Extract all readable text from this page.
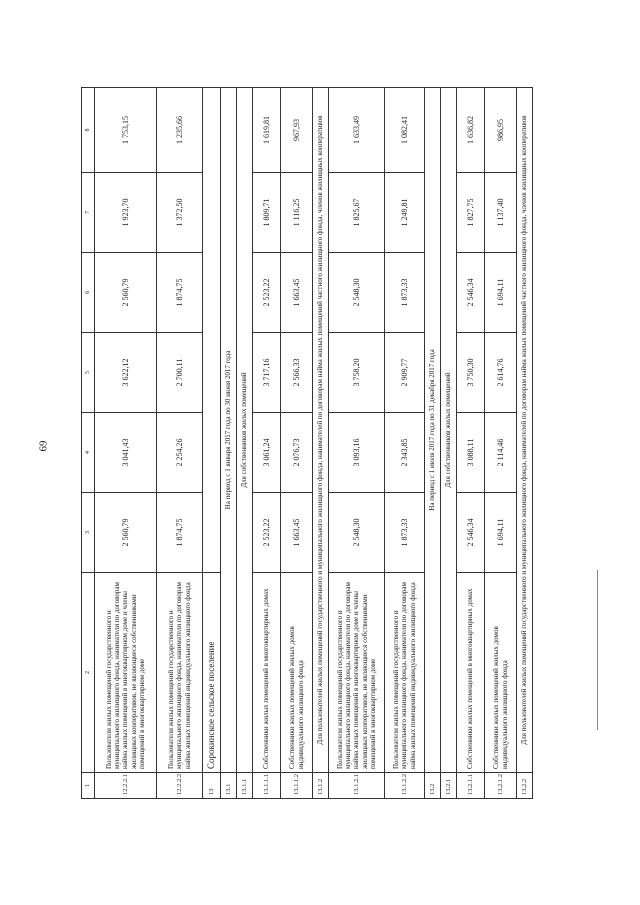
69
1	2	3	4	5	6	7	8
12.2.2.1	Пользователи жилых помещений государственного и муниципального жилищного фонда, наниматели по договорам найма жилых помещений в многоквартирном доме и члены жилищных кооперативов, не являющиеся собственниками помещений в многоквартирном доме	2 560,79	3 041,43	3 622,12	2 560,79	1 923,70	1 753,15
12.2.2.2	Пользователи жилых помещений государственного и муниципального жилищного фонда, наниматели по договорам найма жилых помещений индивидуального жилищного фонда	1 874,75	2 254,26	2 700,11	1 874,75	1 372,50	1 235,66
13	Сорокинское сельское поселение						
13.1	На период с 1 января 2017 года по 30 июня 2017 года						
13.1.1	Для собственников жилых помещений						
13.1.1.1	Собственники жилых помещений в многоквартирных домах	2 523,22	3 061,24	3 717,16	2 523,22	1 809,71	1 619,81
13.1.1.2	Собственники жилых помещений жилых домов индивидуального жилищного фонда	1 663,45	2 076,73	2 566,33	1 663,45	1 116,25	967,93
13.1.2	Для пользователей жилых помещений государственного и муниципального жилищного фонда, нанимателей по договорам найма жилых помещений частного жилищного фонда, членов жилищных кооперативов						
13.1.2.1	Пользователи жилых помещений государственного и муниципального жилищного фонда, наниматели по договорам найма жилых помещений в многоквартирном доме и члены жилищных кооперативов, не являющиеся собственниками помещений в многоквартирном доме	2 548,30	3 093,16	3 758,20	2 548,30	1 825,67	1 633,49
13.1.2.2	Пользователи жилых помещений государственного и муниципального жилищного фонда, наниматели по договорам найма жилых помещений индивидуального жилищного фонда	1 873,33	2 343,85	2 909,77	1 873,33	1 249,81	1 082,41
13.2	На период с 1 июля 2017 года по 31 декабря 2017 года						
13.2.1	Для собственников жилых помещений						
13.2.1.1	Собственники жилых помещений в многоквартирных домах	2 546,34	3 088,11	3 750,30	2 546,34	1 827,75	1 636,82
13.2.1.2	Собственники жилых помещений жилых домов индивидуального жилищного фонда	1 694,11	2 114,46	2 614,76	1 694,11	1 137,40	986,95
13.2.2	Для пользователей жилых помещений государственного и муниципального жилищного фонда, нанимателей по договорам найма жилых помещений частного жилищного фонда, членов жилищных кооперативов						
